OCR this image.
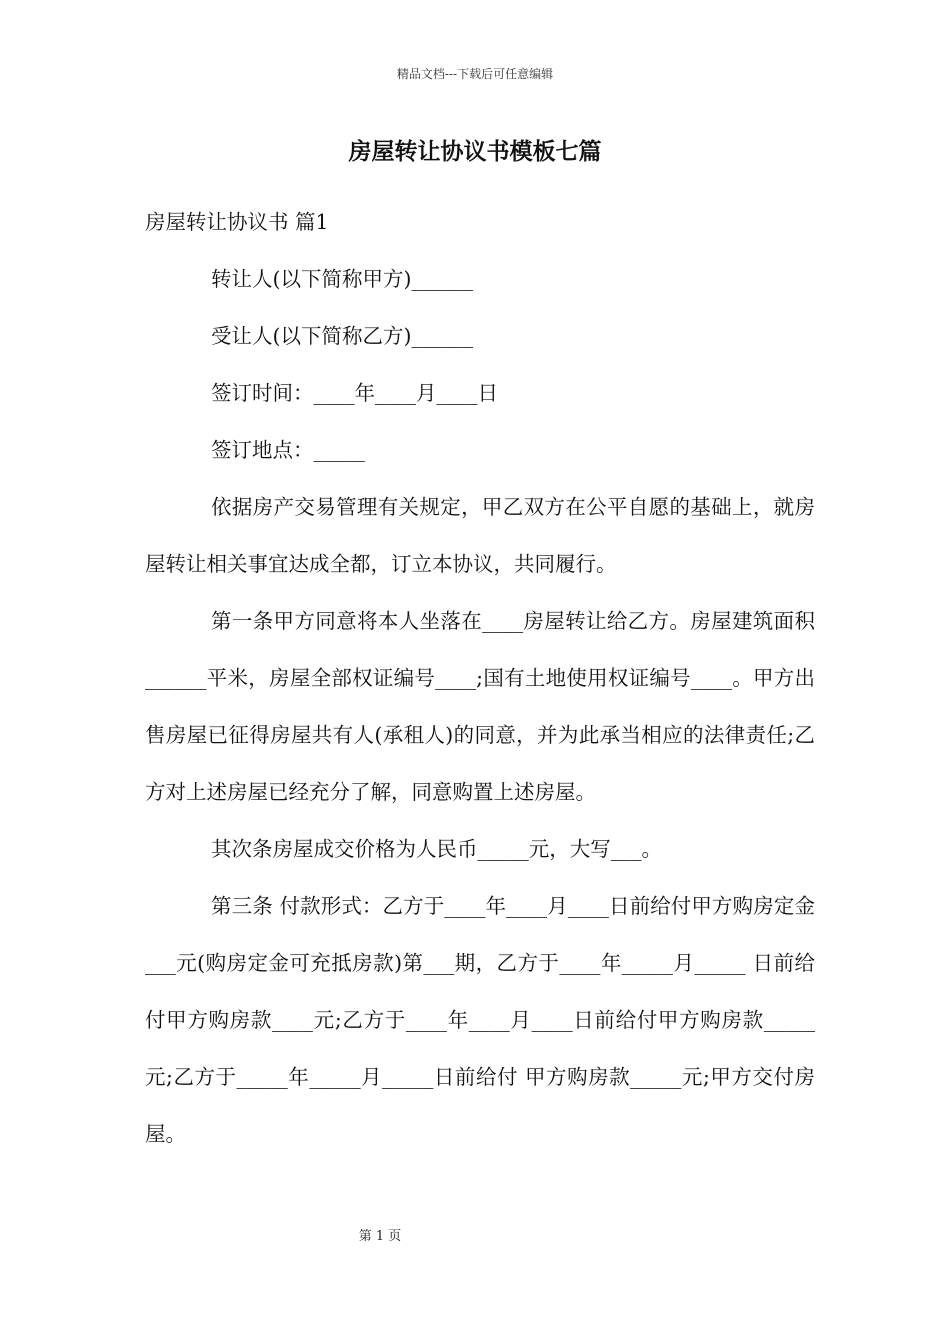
精品文档---下载后可任意编辑
房屋转让协议书模板七篇

房屋转让协议书 篇1

转让人(以下简称甲方)______

受让人(以下简称乙方)______

签订时间：____年____月____日

签订地点：_____

依据房产交易管理有关规定，甲乙双方在公平自愿的基础上，就房屋转让相关事宜达成全都，订立本协议，共同履行。

第一条甲方同意将本人坐落在____房屋转让给乙方。房屋建筑面积______平米，房屋全部权证编号____;国有土地使用权证编号____。甲方出售房屋已征得房屋共有人(承租人)的同意，并为此承当相应的法律责任;乙方对上述房屋已经充分了解，同意购置上述房屋。

其次条房屋成交价格为人民币_____元，大写___。

第三条 付款形式：乙方于____年____月____日前给付甲方购房定金___元(购房定金可充抵房款)第___期，乙方于____年_____月_____ 日前给付甲方购房款____元;乙方于____年____月____日前给付甲方购房款_____元;乙方于_____年_____月_____日前给付 甲方购房款_____元;甲方交付房屋。

第 1 页
